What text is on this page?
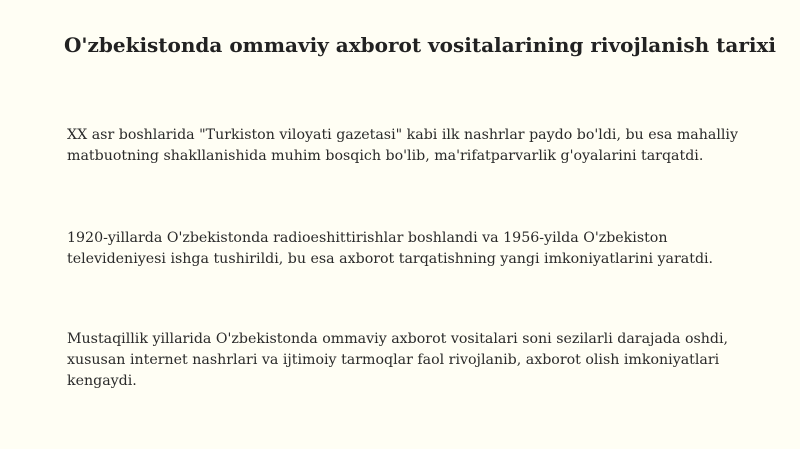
O'zbekistonda ommaviy axborot vositalarining rivojlanish tarixi

XX asr boshlarida "Turkiston viloyati gazetasi" kabi ilk nashrlar paydo bo'ldi, bu esa mahalliy matbuotning shakllanishida muhim bosqich bo'lib, ma'rifatparvarlik g'oyalarini tarqatdi.

1920-yillarda O'zbekistonda radioeshittirishlar boshlandi va 1956-yilda O'zbekiston televideniyesi ishga tushirildi, bu esa axborot tarqatishning yangi imkoniyatlarini yaratdi.

Mustaqillik yillarida O'zbekistonda ommaviy axborot vositalari soni sezilarli darajada oshdi, xususan internet nashrlari va ijtimoiy tarmoqlar faol rivojlanib, axborot olish imkoniyatlari kengaydi.
